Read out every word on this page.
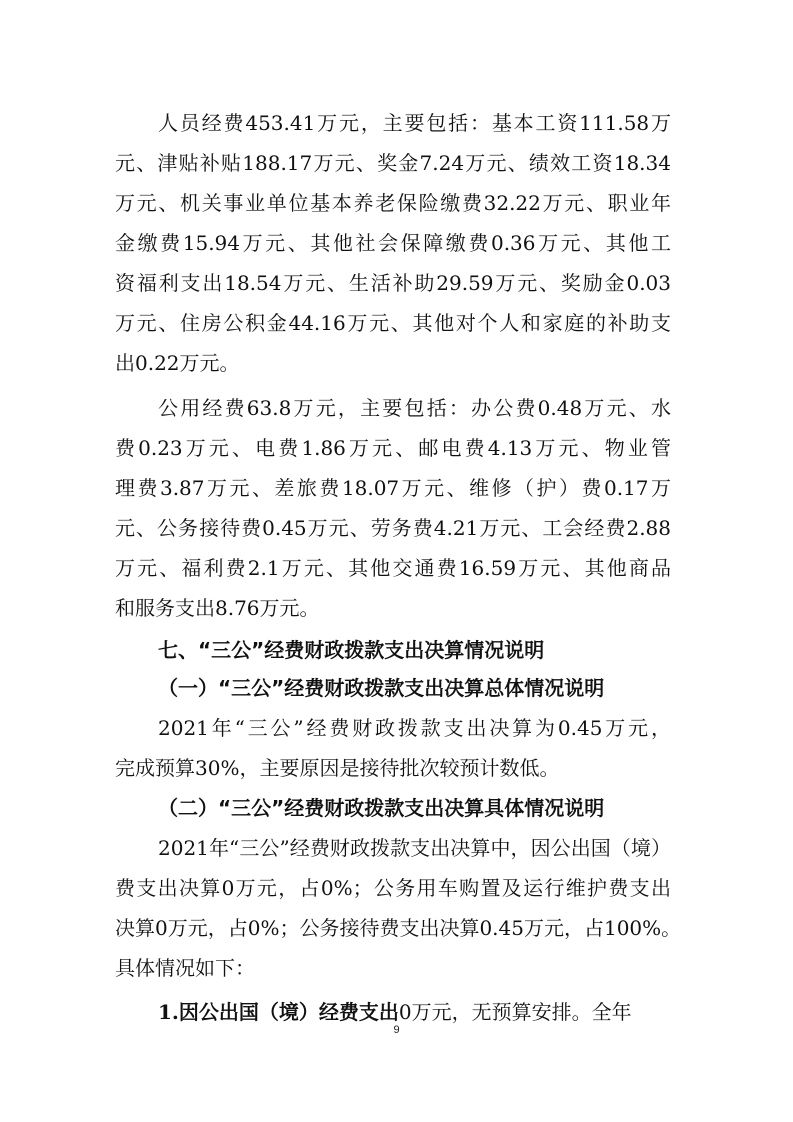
人员经费453.41万元，主要包括：基本工资111.58万
元、津贴补贴188.17万元、奖金7.24万元、绩效工资18.34
万元、机关事业单位基本养老保险缴费32.22万元、职业年
金缴费15.94万元、其他社会保障缴费0.36万元、其他工
资福利支出18.54万元、生活补助29.59万元、奖励金0.03
万元、住房公积金44.16万元、其他对个人和家庭的补助支
出0.22万元。
公用经费63.8万元，主要包括：办公费0.48万元、水
费0.23万元、电费1.86万元、邮电费4.13万元、物业管
理费3.87万元、差旅费18.07万元、维修（护）费0.17万
元、公务接待费0.45万元、劳务费4.21万元、工会经费2.88
万元、福利费2.1万元、其他交通费16.59万元、其他商品
和服务支出8.76万元。
七、“三公”经费财政拨款支出决算情况说明
（一）“三公”经费财政拨款支出决算总体情况说明
2021年“三公”经费财政拨款支出决算为0.45万元，
完成预算30%，主要原因是接待批次较预计数低。
（二）“三公”经费财政拨款支出决算具体情况说明
2021年“三公”经费财政拨款支出决算中，因公出国（境）
费支出决算0万元，占0%；公务用车购置及运行维护费支出
决算0万元，占0%；公务接待费支出决算0.45万元，占100%。
具体情况如下：
1.因公出国（境）经费支出0万元，无预算安排。全年
9
